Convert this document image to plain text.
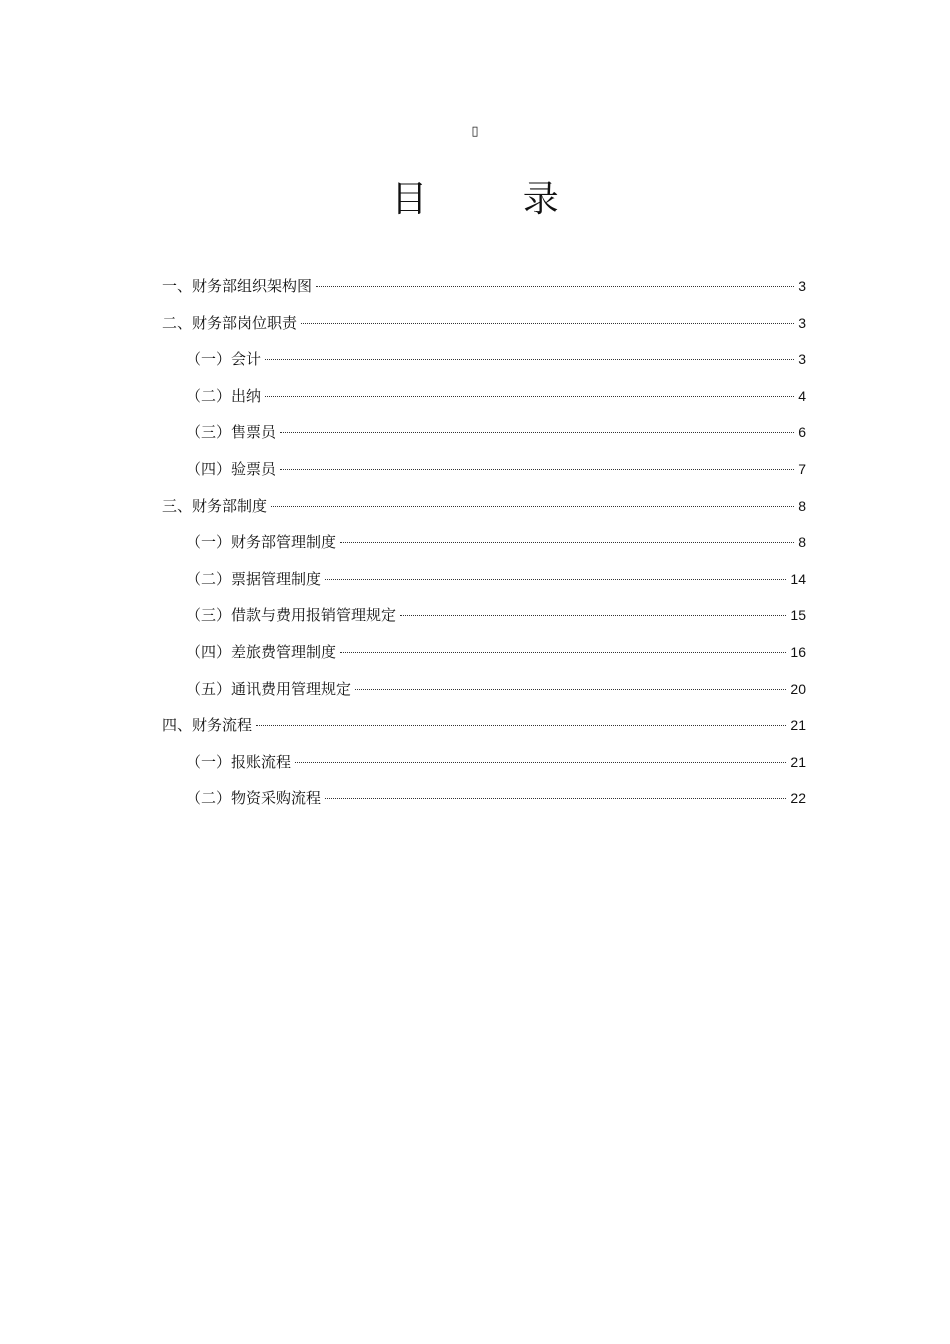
▯
目 录
一、财务部组织架构图	3
二、财务部岗位职责	3
（一）会计	3
（二）出纳	4
（三）售票员	6
（四）验票员	7
三、财务部制度	8
（一）财务部管理制度	8
（二）票据管理制度	14
（三）借款与费用报销管理规定	15
（四）差旅费管理制度	16
（五）通讯费用管理规定	20
四、财务流程	21
（一）报账流程	21
（二）物资采购流程	22
